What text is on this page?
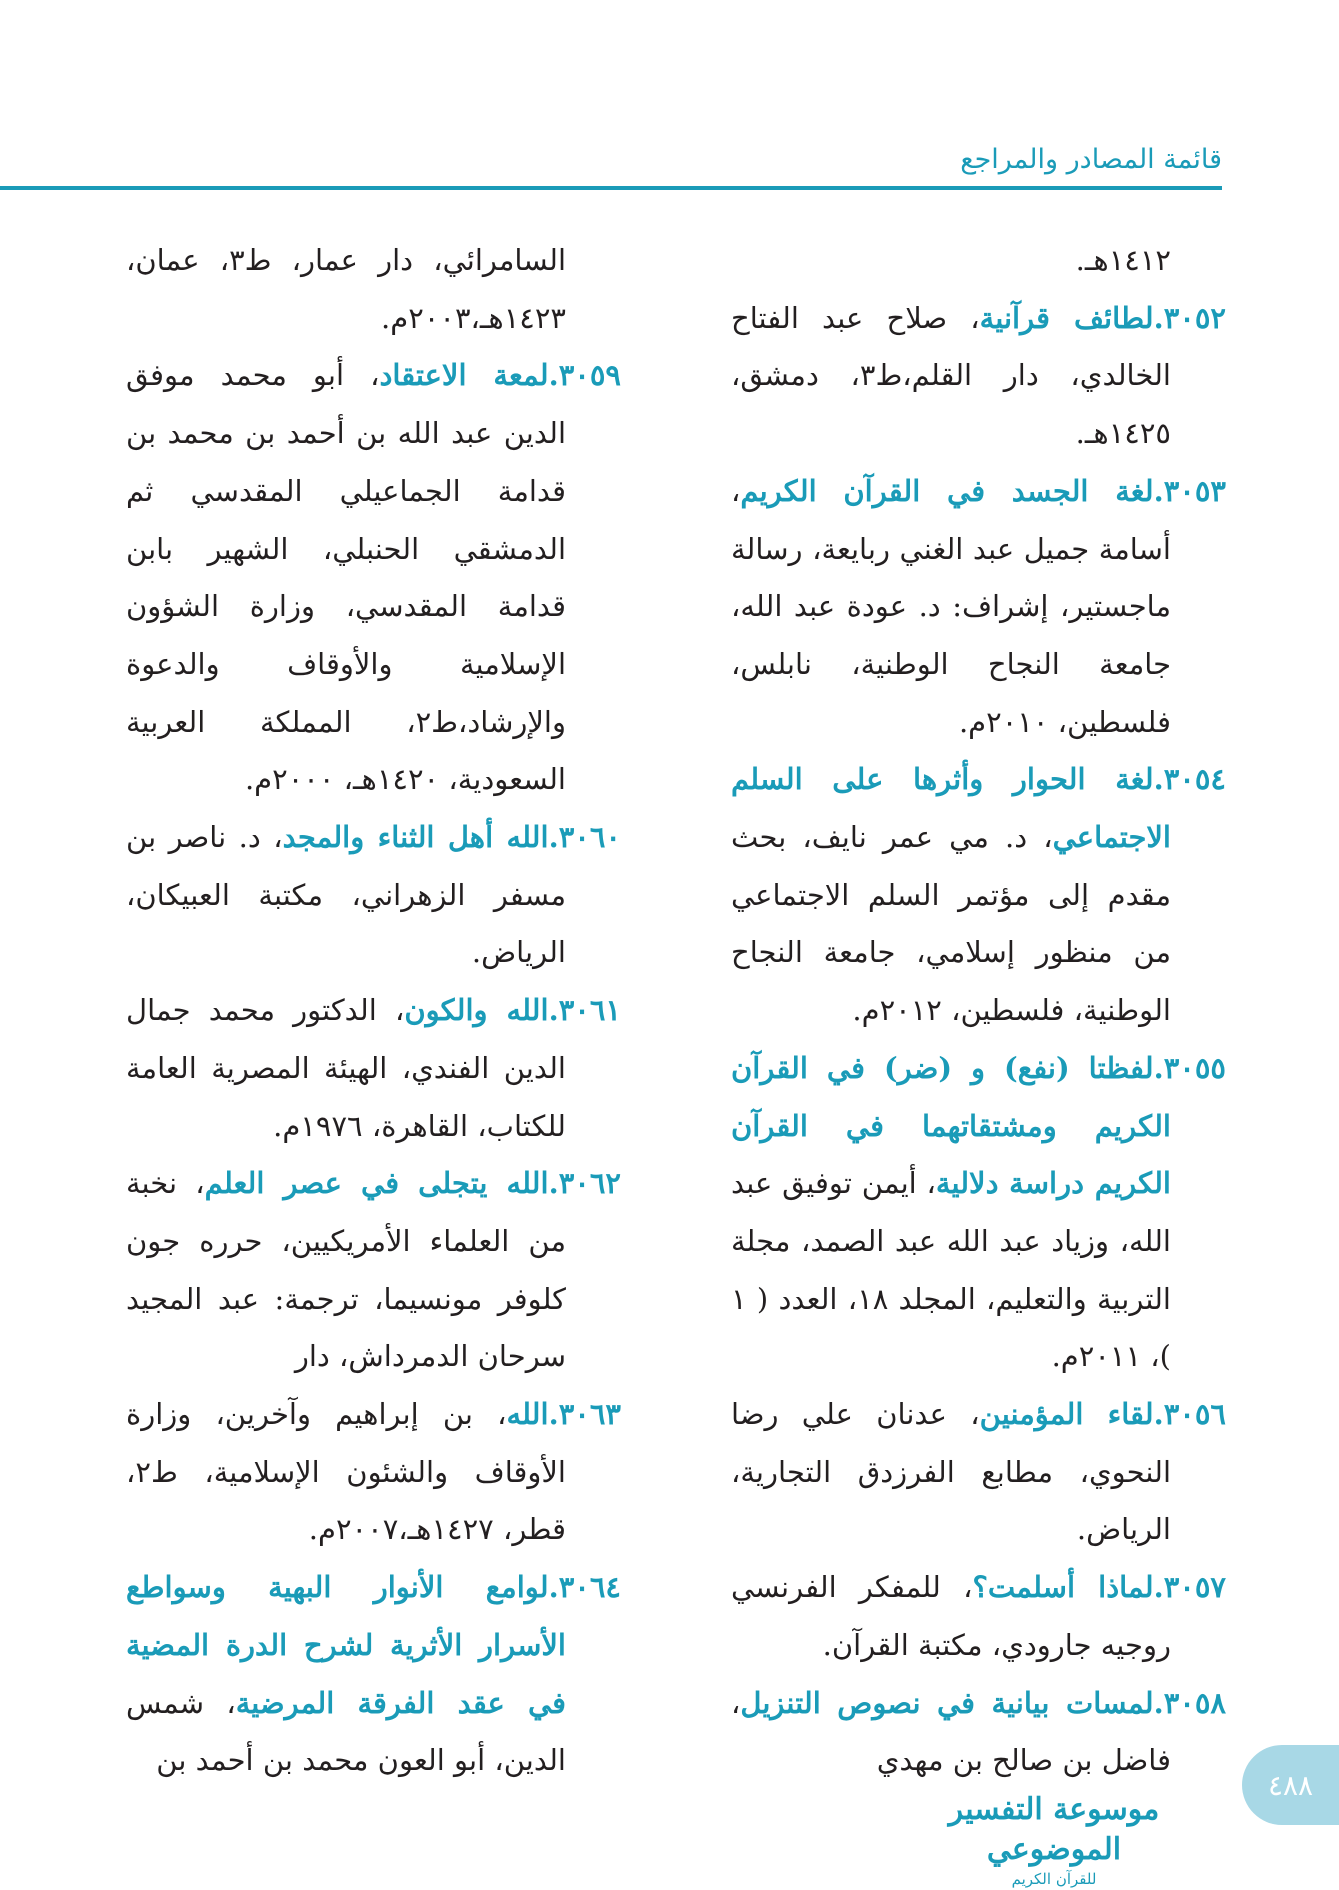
قائمة المصادر والمراجع

١٤١٢هـ.

٣٠٥٢.لطائف قرآنية، صلاح عبد الفتاح الخالدي، دار القلم،ط٣، دمشق، ١٤٢٥هـ.

٣٠٥٣.لغة الجسد في القرآن الكريم، أسامة جميل عبد الغني ربايعة، رسالة ماجستير، إشراف: د. عودة عبد الله، جامعة النجاح الوطنية، نابلس، فلسطين، ٢٠١٠م.

٣٠٥٤.لغة الحوار وأثرها على السلم الاجتماعي، د. مي عمر نايف، بحث مقدم إلى مؤتمر السلم الاجتماعي من منظور إسلامي، جامعة النجاح الوطنية، فلسطين، ٢٠١٢م.

٣٠٥٥.لفظتا (نفع) و (ضر) في القرآن الكريم ومشتقاتهما في القرآن الكريم دراسة دلالية، أيمن توفيق عبد الله، وزياد عبد الله عبد الصمد، مجلة التربية والتعليم، المجلد ١٨، العدد ( ١ )، ٢٠١١م.

٣٠٥٦.لقاء المؤمنين، عدنان علي رضا النحوي، مطابع الفرزدق التجارية، الرياض.

٣٠٥٧.لماذا أسلمت؟، للمفكر الفرنسي روجيه جارودي، مكتبة القرآن.

٣٠٥٨.لمسات بيانية في نصوص التنزيل، فاضل بن صالح بن مهدي

السامرائي، دار عمار، ط٣، عمان، ١٤٢٣هـ،٢٠٠٣م.

٣٠٥٩.لمعة الاعتقاد، أبو محمد موفق الدين عبد الله بن أحمد بن محمد بن قدامة الجماعيلي المقدسي ثم الدمشقي الحنبلي، الشهير بابن قدامة المقدسي، وزارة الشؤون الإسلامية والأوقاف والدعوة والإرشاد،ط٢، المملكة العربية السعودية، ١٤٢٠هـ، ٢٠٠٠م.

٣٠٦٠.الله أهل الثناء والمجد، د. ناصر بن مسفر الزهراني، مكتبة العبيكان، الرياض.

٣٠٦١.الله والكون، الدكتور محمد جمال الدين الفندي، الهيئة المصرية العامة للكتاب، القاهرة، ١٩٧٦م.

٣٠٦٢.الله يتجلى في عصر العلم، نخبة من العلماء الأمريكيين، حرره جون كلوفر مونسيما، ترجمة: عبد المجيد سرحان الدمرداش، دار

٣٠٦٣.الله، بن إبراهيم وآخرين، وزارة الأوقاف والشئون الإسلامية، ط٢، قطر، ١٤٢٧هـ،٢٠٠٧م.

٣٠٦٤.لوامع الأنوار البهية وسواطع الأسرار الأثرية لشرح الدرة المضية في عقد الفرقة المرضية، شمس الدين، أبو العون محمد بن أحمد بن

موسوعة التفسير الموضوعي
للقرآن الكريم
٤٨٨
